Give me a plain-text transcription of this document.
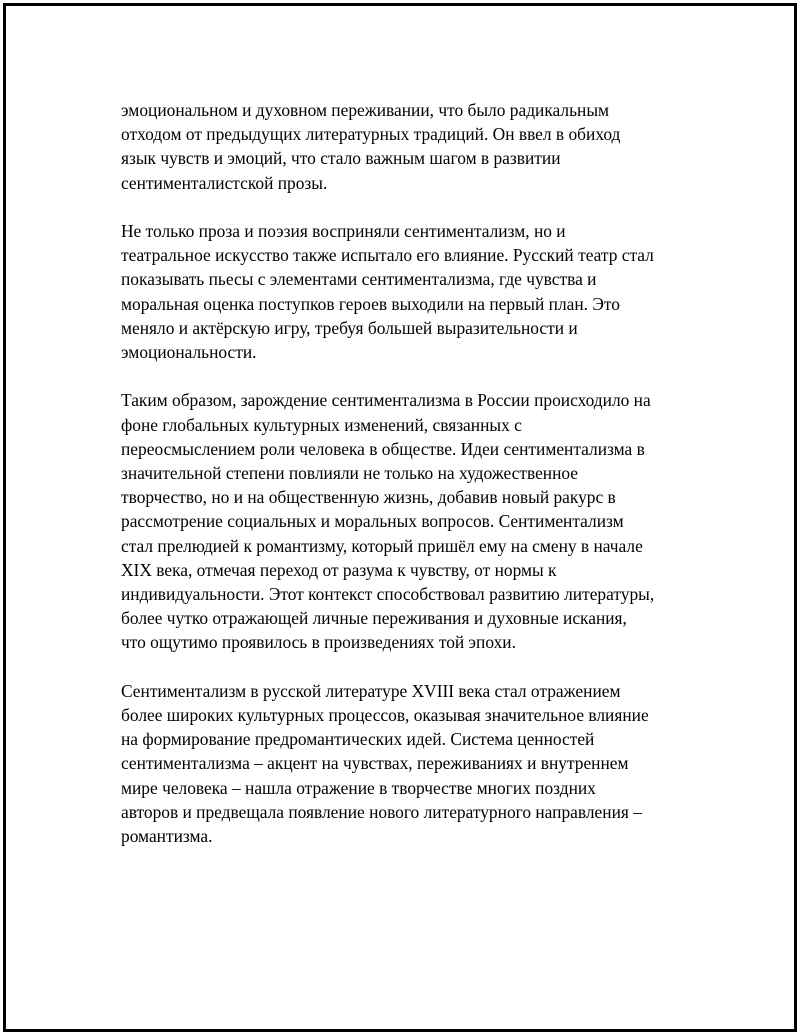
эмоциональном и духовном переживании, что было радикальным
отходом от предыдущих литературных традиций. Он ввел в обиход
язык чувств и эмоций, что стало важным шагом в развитии
сентименталистской прозы.

Не только проза и поэзия восприняли сентиментализм, но и
театральное искусство также испытало его влияние. Русский театр стал
показывать пьесы с элементами сентиментализма, где чувства и
моральная оценка поступков героев выходили на первый план. Это
меняло и актёрскую игру, требуя большей выразительности и
эмоциональности.

Таким образом, зарождение сентиментализма в России происходило на
фоне глобальных культурных изменений, связанных с
переосмыслением роли человека в обществе. Идеи сентиментализма в
значительной степени повлияли не только на художественное
творчество, но и на общественную жизнь, добавив новый ракурс в
рассмотрение социальных и моральных вопросов. Сентиментализм
стал прелюдией к романтизму, который пришёл ему на смену в начале
XIX века, отмечая переход от разума к чувству, от нормы к
индивидуальности. Этот контекст способствовал развитию литературы,
более чутко отражающей личные переживания и духовные искания,
что ощутимо проявилось в произведениях той эпохи.

Сентиментализм в русской литературе XVIII века стал отражением
более широких культурных процессов, оказывая значительное влияние
на формирование предромантических идей. Система ценностей
сентиментализма – акцент на чувствах, переживаниях и внутреннем
мире человека – нашла отражение в творчестве многих поздних
авторов и предвещала появление нового литературного направления –
романтизма.
